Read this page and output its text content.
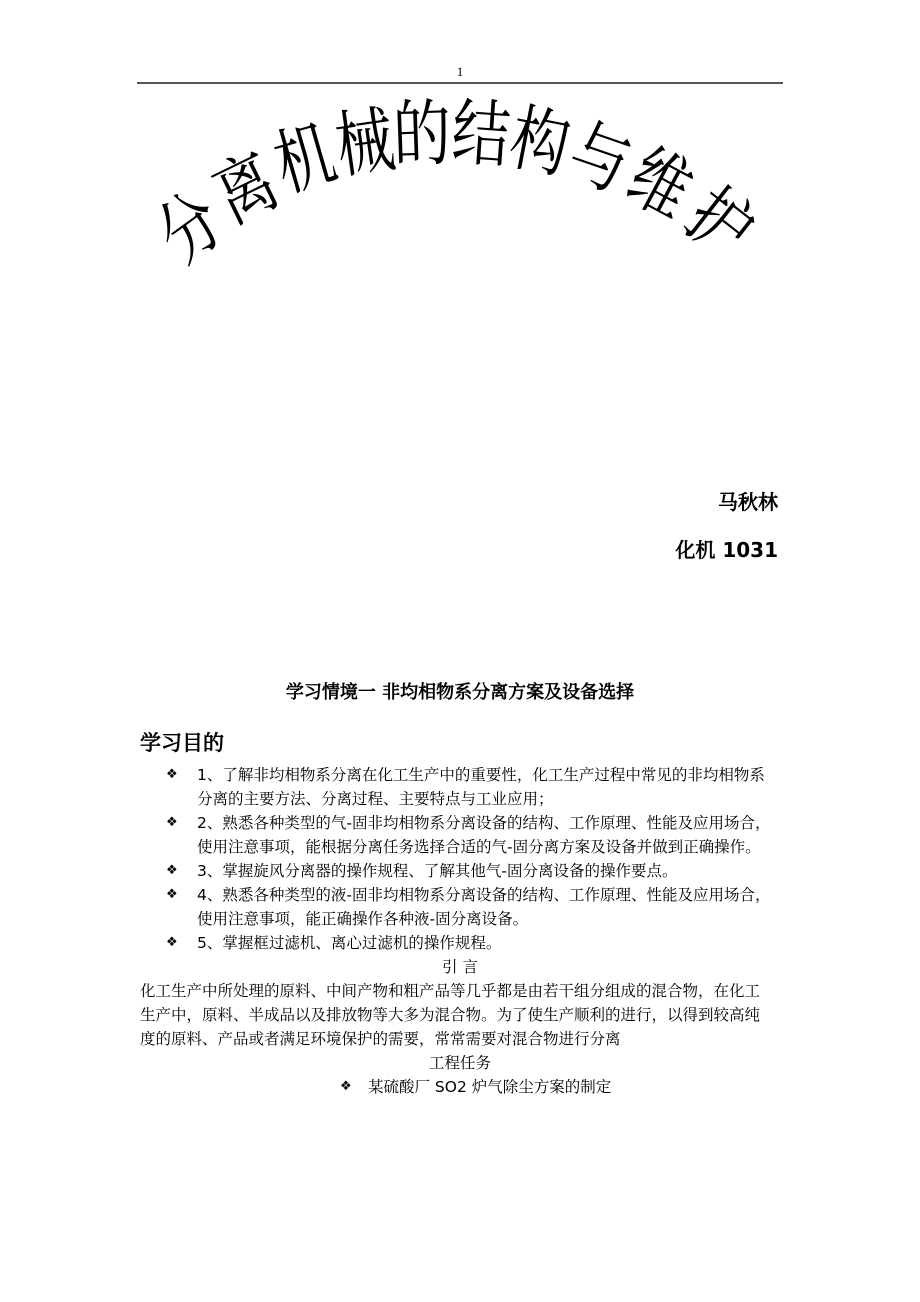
1
分
离
机
械
的
结
构
与
维
护
马秋林
化机 1031
学习情境一 非均相物系分离方案及设备选择
学习目的
❖ 1、了解非均相物系分离在化工生产中的重要性，化工生产过程中常见的非均相物系
分离的主要方法、分离过程、主要特点与工业应用；
❖ 2、熟悉各种类型的气-固非均相物系分离设备的结构、工作原理、性能及应用场合，
使用注意事项，能根据分离任务选择合适的气-固分离方案及设备并做到正确操作。
❖ 3、掌握旋风分离器的操作规程、了解其他气-固分离设备的操作要点。
❖ 4、熟悉各种类型的液-固非均相物系分离设备的结构、工作原理、性能及应用场合，
使用注意事项，能正确操作各种液-固分离设备。
❖ 5、掌握框过滤机、离心过滤机的操作规程。
引 言
化工生产中所处理的原料、中间产物和粗产品等几乎都是由若干组分组成的混合物，在化工
生产中，原料、半成品以及排放物等大多为混合物。为了使生产顺利的进行，以得到较高纯
度的原料、产品或者满足环境保护的需要，常常需要对混合物进行分离
工程任务
❖ 某硫酸厂 SO2 炉气除尘方案的制定
